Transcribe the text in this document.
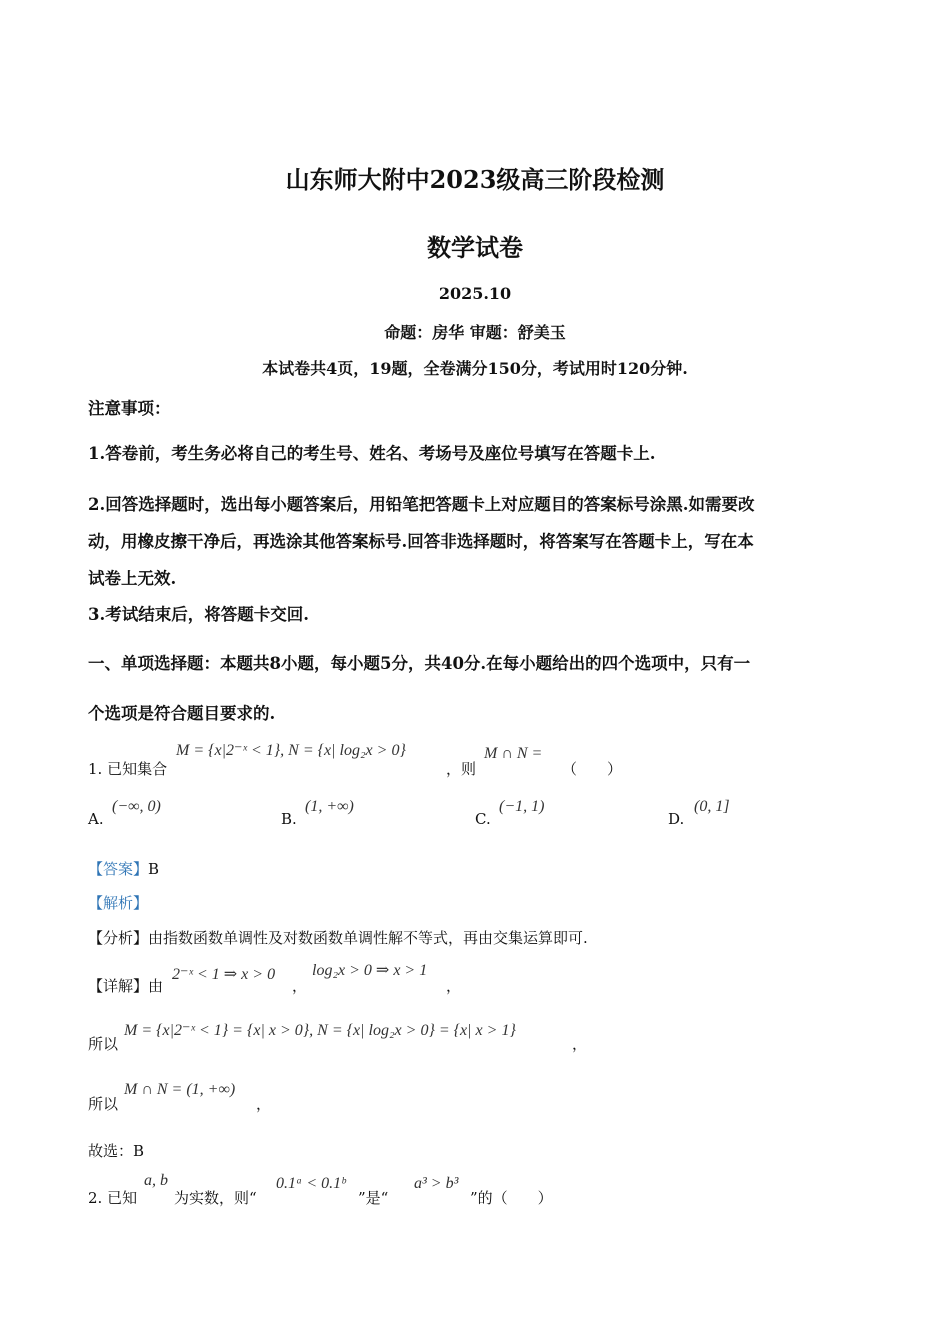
山东师大附中2023级高三阶段检测
数学试卷
2025.10
命题：房华 审题：舒美玉
本试卷共4页，19题，全卷满分150分，考试用时120分钟.
注意事项：
1.答卷前，考生务必将自己的考生号、姓名、考场号及座位号填写在答题卡上.
2.回答选择题时，选出每小题答案后，用铅笔把答题卡上对应题目的答案标号涂黑.如需要改
动，用橡皮擦干净后，再选涂其他答案标号.回答非选择题时，将答案写在答题卡上，写在本
试卷上无效.
3.考试结束后，将答题卡交回.
一、单项选择题：本题共8小题，每小题5分，共40分.在每小题给出的四个选项中，只有一
个选项是符合题目要求的.
1. 已知集合
M = {x|2⁻ˣ < 1}, N = {x| log₂x > 0}
，则
M ∩ N =
（　　）
A.
(−∞, 0)
B.
(1, +∞)
C.
(−1, 1)
D.
(0, 1]
【答案】B
【解析】
【分析】由指数函数单调性及对数函数单调性解不等式，再由交集运算即可.
【详解】由
2⁻ˣ < 1 ⇒ x > 0
，
log₂x > 0 ⇒ x > 1
，
所以
M = {x|2⁻ˣ < 1} = {x| x > 0}, N = {x| log₂x > 0} = {x| x > 1}
，
所以
M ∩ N = (1, +∞)
，
故选：B
2. 已知
a, b
为实数，则“
0.1ᵃ < 0.1ᵇ
”是“
a³ > b³
”的（　　）
